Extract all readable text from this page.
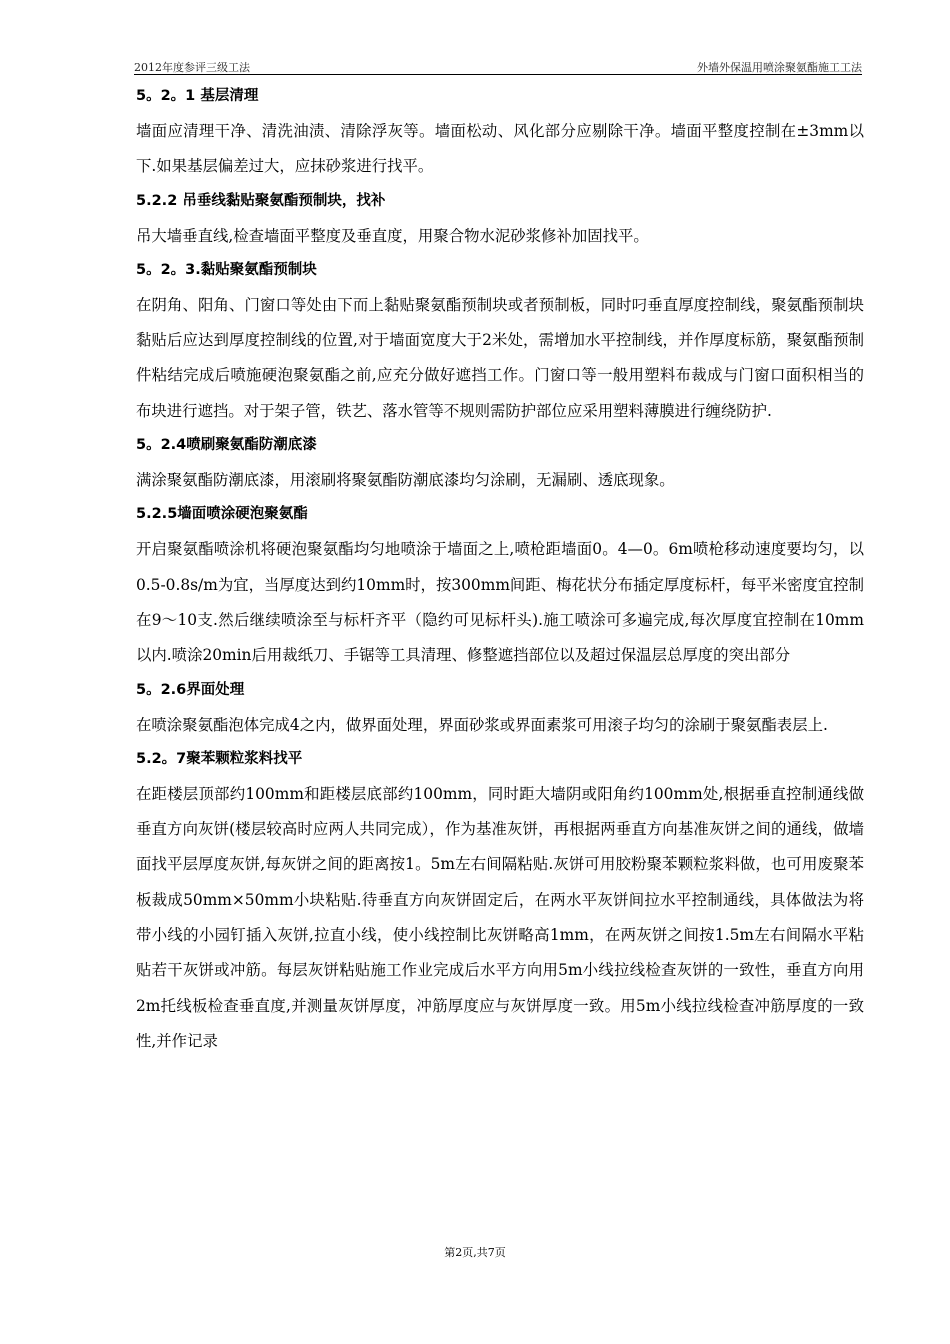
2012年度参评三级工法	外墙外保温用喷涂聚氨酯施工工法
5。2。1 基层清理
墙面应清理干净、清洗油渍、清除浮灰等。墙面松动、风化部分应剔除干净。墙面平整度控制在±3mm以下.如果基层偏差过大，应抹砂浆进行找平。
5.2.2 吊垂线黏贴聚氨酯预制块，找补
吊大墙垂直线,检查墙面平整度及垂直度，用聚合物水泥砂浆修补加固找平。
5。2。3.黏贴聚氨酯预制块
在阴角、阳角、门窗口等处由下而上黏贴聚氨酯预制块或者预制板，同时叼垂直厚度控制线，聚氨酯预制块黏贴后应达到厚度控制线的位置,对于墙面宽度大于2米处，需增加水平控制线，并作厚度标筋，聚氨酯预制件粘结完成后喷施硬泡聚氨酯之前,应充分做好遮挡工作。门窗口等一般用塑料布裁成与门窗口面积相当的布块进行遮挡。对于架子管，铁艺、落水管等不规则需防护部位应采用塑料薄膜进行缠绕防护.
5。2.4喷刷聚氨酯防潮底漆
满涂聚氨酯防潮底漆，用滚刷将聚氨酯防潮底漆均匀涂刷，无漏刷、透底现象。
5.2.5墙面喷涂硬泡聚氨酯
开启聚氨酯喷涂机将硬泡聚氨酯均匀地喷涂于墙面之上,喷枪距墙面0。4—0。6m喷枪移动速度要均匀，以0.5-0.8s/m为宜，当厚度达到约10mm时，按300mm间距、梅花状分布插定厚度标杆，每平米密度宜控制在9～10支.然后继续喷涂至与标杆齐平（隐约可见标杆头).施工喷涂可多遍完成,每次厚度宜控制在10mm以内.喷涂20min后用裁纸刀、手锯等工具清理、修整遮挡部位以及超过保温层总厚度的突出部分
5。2.6界面处理
在喷涂聚氨酯泡体完成4之内，做界面处理，界面砂浆或界面素浆可用滚子均匀的涂刷于聚氨酯表层上.
5.2。7聚苯颗粒浆料找平
在距楼层顶部约100mm和距楼层底部约100mm，同时距大墙阴或阳角约100mm处,根据垂直控制通线做垂直方向灰饼(楼层较高时应两人共同完成），作为基准灰饼，再根据两垂直方向基准灰饼之间的通线，做墙面找平层厚度灰饼,每灰饼之间的距离按1。5m左右间隔粘贴.灰饼可用胶粉聚苯颗粒浆料做，也可用废聚苯板裁成50mm×50mm小块粘贴.待垂直方向灰饼固定后，在两水平灰饼间拉水平控制通线，具体做法为将带小线的小园钉插入灰饼,拉直小线，使小线控制比灰饼略高1mm，在两灰饼之间按1.5m左右间隔水平粘贴若干灰饼或冲筋。每层灰饼粘贴施工作业完成后水平方向用5m小线拉线检查灰饼的一致性，垂直方向用2m托线板检查垂直度,并测量灰饼厚度，冲筋厚度应与灰饼厚度一致。用5m小线拉线检查冲筋厚度的一致性,并作记录
第2页,共7页
